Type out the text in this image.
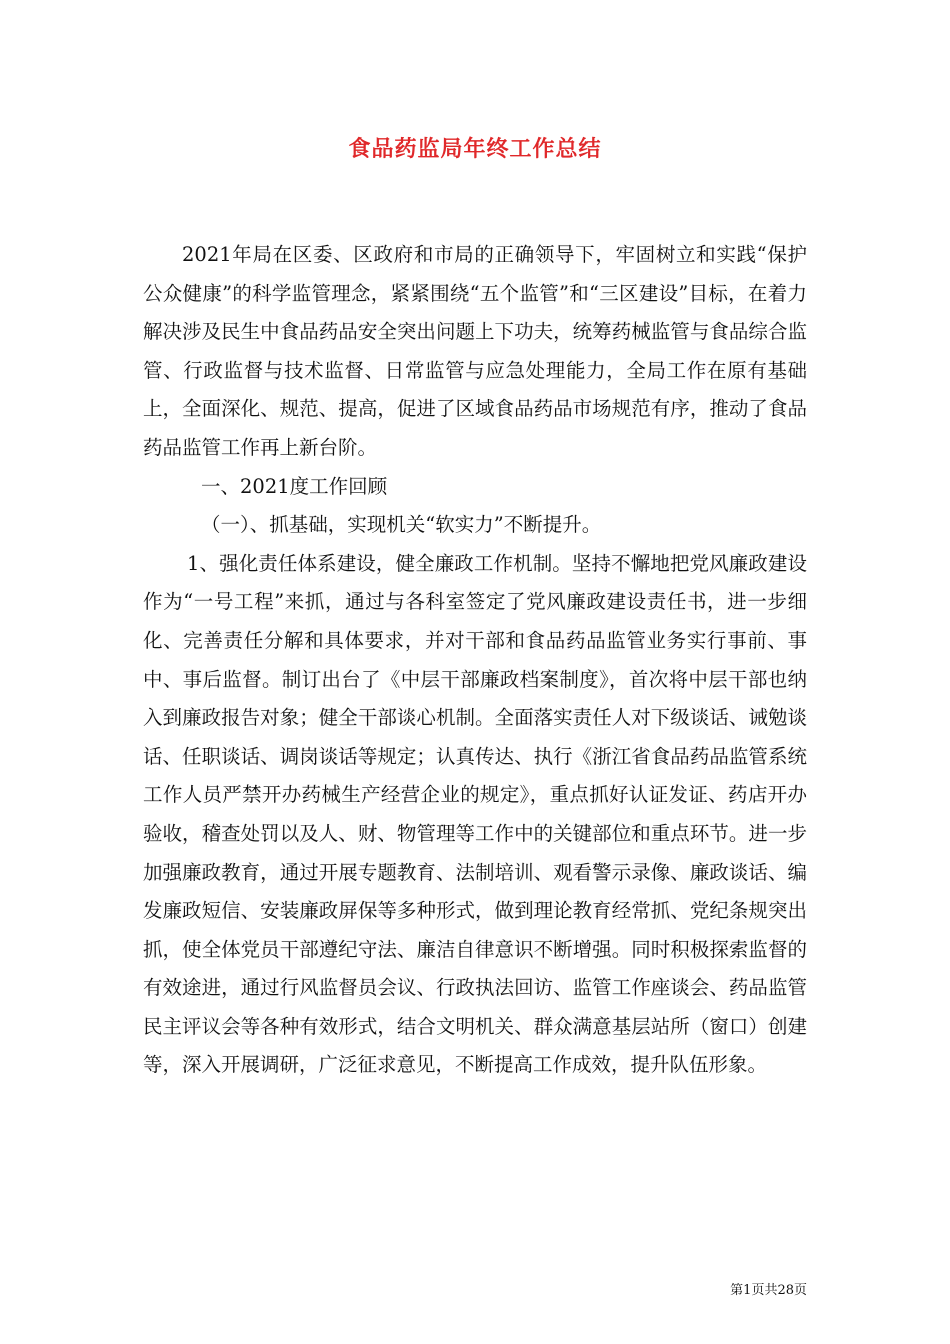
食品药监局年终工作总结

2021年局在区委、区政府和市局的正确领导下，牢固树立和实践“保护公众健康”的科学监管理念，紧紧围绕“五个监管”和“三区建设”目标，在着力解决涉及民生中食品药品安全突出问题上下功夫，统筹药械监管与食品综合监管、行政监督与技术监督、日常监管与应急处理能力，全局工作在原有基础上，全面深化、规范、提高，促进了区域食品药品市场规范有序，推动了食品药品监管工作再上新台阶。

一、2021度工作回顾

（一）、抓基础，实现机关“软实力”不断提升。

1、强化责任体系建设，健全廉政工作机制。坚持不懈地把党风廉政建设作为“一号工程”来抓，通过与各科室签定了党风廉政建设责任书，进一步细化、完善责任分解和具体要求，并对干部和食品药品监管业务实行事前、事中、事后监督。制订出台了《中层干部廉政档案制度》，首次将中层干部也纳入到廉政报告对象；健全干部谈心机制。全面落实责任人对下级谈话、诫勉谈话、任职谈话、调岗谈话等规定；认真传达、执行《浙江省食品药品监管系统工作人员严禁开办药械生产经营企业的规定》，重点抓好认证发证、药店开办验收，稽查处罚以及人、财、物管理等工作中的关键部位和重点环节。进一步加强廉政教育，通过开展专题教育、法制培训、观看警示录像、廉政谈话、编发廉政短信、安装廉政屏保等多种形式，做到理论教育经常抓、党纪条规突出抓，使全体党员干部遵纪守法、廉洁自律意识不断增强。同时积极探索监督的有效途进，通过行风监督员会议、行政执法回访、监管工作座谈会、药品监管民主评议会等各种有效形式，结合文明机关、群众满意基层站所（窗口）创建等，深入开展调研，广泛征求意见，不断提高工作成效，提升队伍形象。

第1页共28页
